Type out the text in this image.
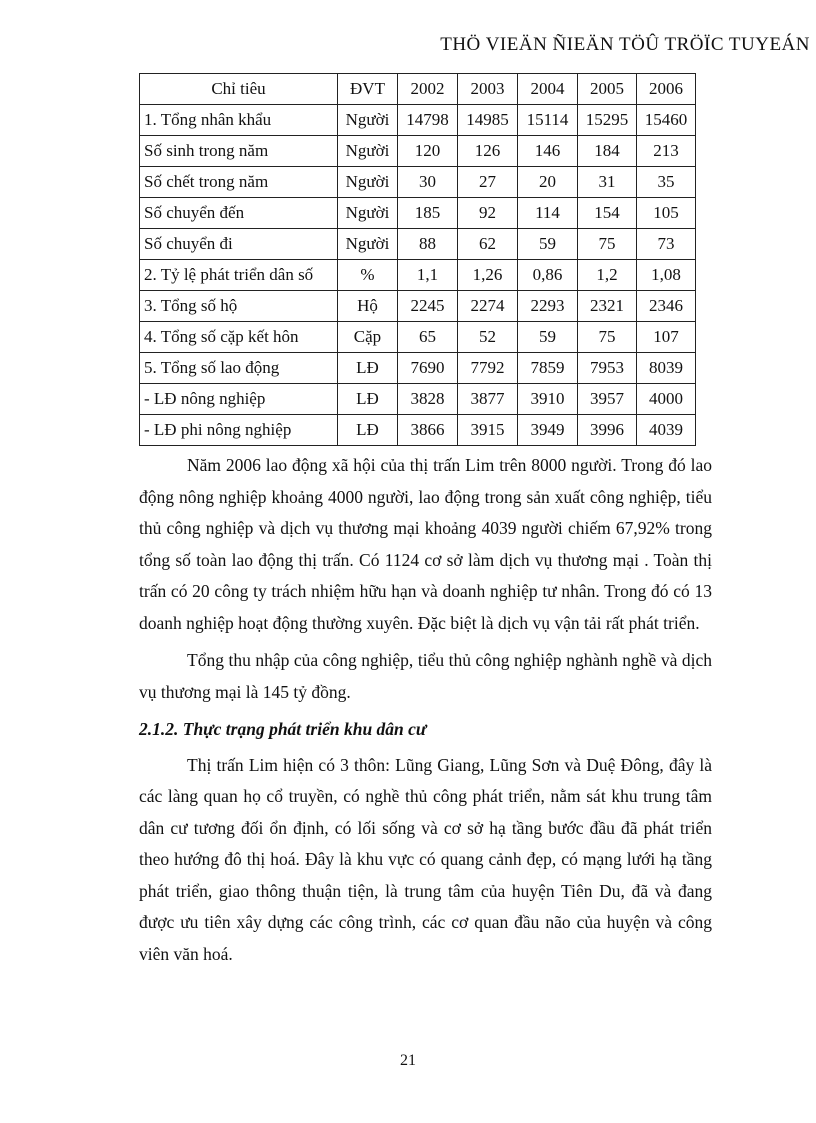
THÖ VIEÄN ÑIEÄN TÖÛ TRÖÏC TUYEÁN
Chỉ tiêu	ĐVT	2002	2003	2004	2005	2006
1. Tổng nhân khẩu	Người	14798	14985	15114	15295	15460
Số sinh trong năm	Người	120	126	146	184	213
Số chết trong năm	Người	30	27	20	31	35
Số chuyển đến	Người	185	92	114	154	105
Số chuyển đi	Người	88	62	59	75	73
2. Tỷ lệ phát triển dân số	%	1,1	1,26	0,86	1,2	1,08
3. Tổng số hộ	Hộ	2245	2274	2293	2321	2346
4. Tổng số cặp kết hôn	Cặp	65	52	59	75	107
5. Tổng số lao động	LĐ	7690	7792	7859	7953	8039
- LĐ nông nghiệp	LĐ	3828	3877	3910	3957	4000
- LĐ phi nông nghiệp	LĐ	3866	3915	3949	3996	4039

Năm 2006 lao động xã hội của thị trấn Lim trên 8000 người. Trong đó lao động nông nghiệp khoảng 4000 người, lao động trong sản xuất công nghiệp, tiểu thủ công nghiệp và dịch vụ thương mại khoảng 4039 người chiếm 67,92% trong tổng số toàn lao động thị trấn. Có 1124 cơ sở làm dịch vụ thương mại . Toàn thị trấn có 20 công ty trách nhiệm hữu hạn và doanh nghiệp tư nhân. Trong đó có 13 doanh nghiệp hoạt động thường xuyên. Đặc biệt là dịch vụ vận tải rất phát triển.

Tổng thu nhập của công nghiệp, tiểu thủ công nghiệp nghành nghề và dịch vụ thương mại là 145 tỷ đồng.

2.1.2. Thực trạng phát triển khu dân cư

Thị trấn Lim hiện có 3 thôn: Lũng Giang, Lũng Sơn và Duệ Đông, đây là các làng quan họ cổ truyền, có nghề thủ công phát triển, nằm sát khu trung tâm dân cư tương đối ổn định, có lối sống và cơ sở hạ tầng bước đầu đã phát triển theo hướng đô thị hoá. Đây là khu vực có quang cảnh đẹp, có mạng lưới hạ tầng phát triển, giao thông thuận tiện, là trung tâm của huyện Tiên Du, đã và đang được ưu tiên xây dựng các công trình, các cơ quan đầu não của huyện và công viên văn hoá.

21
